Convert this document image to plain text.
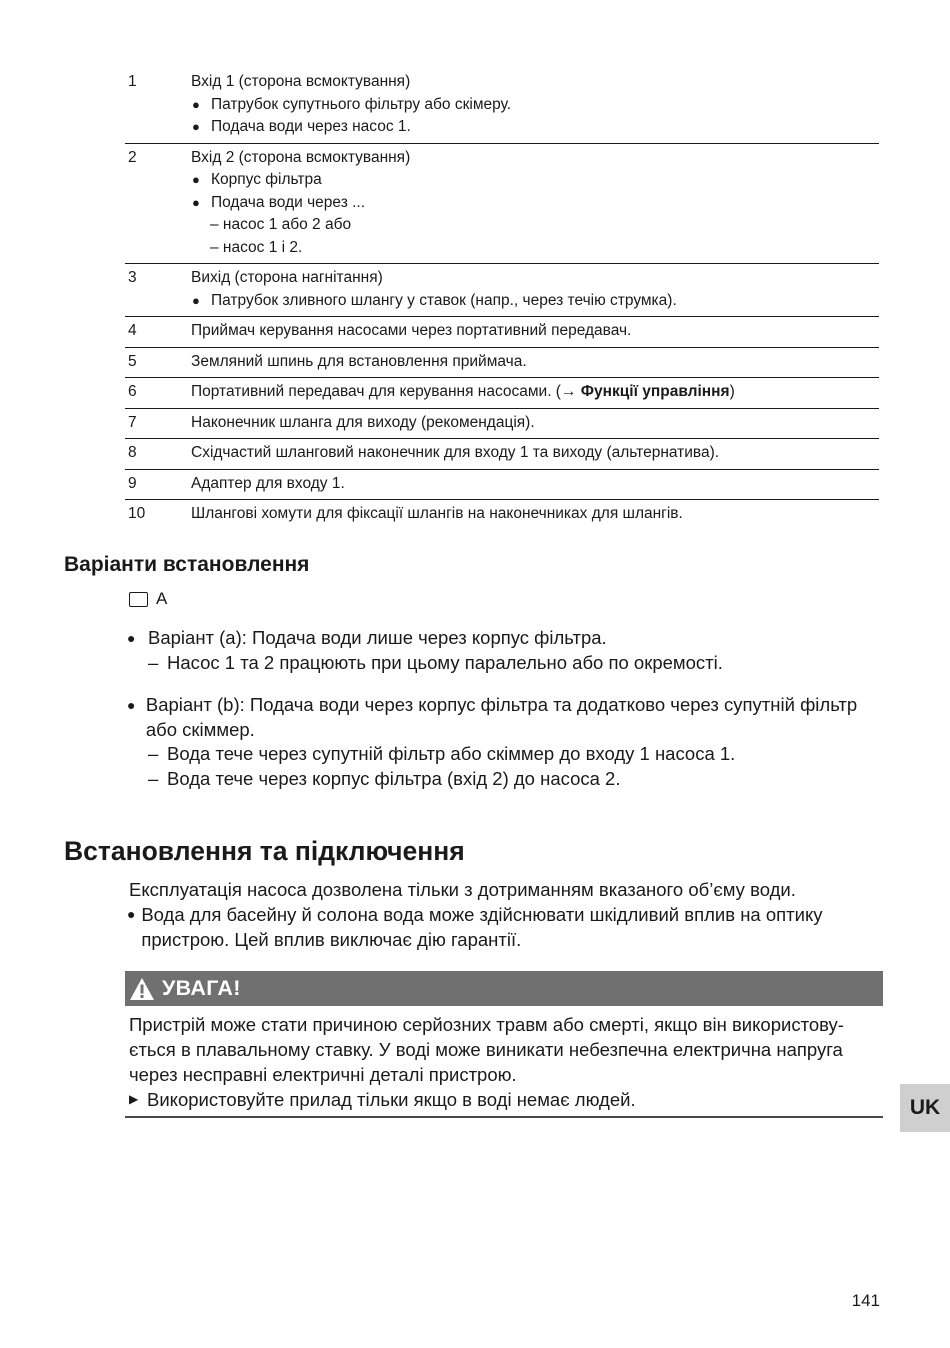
1	Вхід 1 (сторона всмоктування)
● Патрубок супутнього фільтру або скімеру.
● Подача води через насос 1.
2	Вхід 2 (сторона всмоктування)
● Корпус фільтра
● Подача води через ...
– насос 1 або 2 або
– насос 1 і 2.
3	Вихід (сторона нагнітання)
● Патрубок зливного шлангу у ставок (напр., через течію струмка).
4	Приймач керування насосами через портативний передавач.
5	Земляний шпинь для встановлення приймача.
6	Портативний передавач для керування насосами. (→ Функції управління)
7	Наконечник шланга для виходу (рекомендація).
8	Східчастий шланговий наконечник для входу 1 та виходу (альтернатива).
9	Адаптер для входу 1.
10	Шлангові хомути для фіксації шлангів на наконечниках для шлангів.
Варіанти встановлення
A
● Варіант (a): Подача води лише через корпус фільтра.
– Насос 1 та 2 працюють при цьому паралельно або по окремості.
● Варіант (b): Подача води через корпус фільтра та додатково через супутній фільтр або скіммер.
– Вода тече через супутній фільтр або скіммер до входу 1 насоса 1.
– Вода тече через корпус фільтра (вхід 2) до насоса 2.
Встановлення та підключення
Експлуатація насоса дозволена тільки з дотриманням вказаного об’єму води.
● Вода для басейну й солона вода може здійснювати шкідливий вплив на оптику пристрою. Цей вплив виключає дію гарантії.
УВАГА!
Пристрій може стати причиною серйозних травм або смерті, якщо він використову-ється в плавальному ставку. У воді може виникати небезпечна електрична напруга через несправні електричні деталі пристрою.
▶ Використовуйте прилад тільки якщо в воді немає людей.	UK
141
